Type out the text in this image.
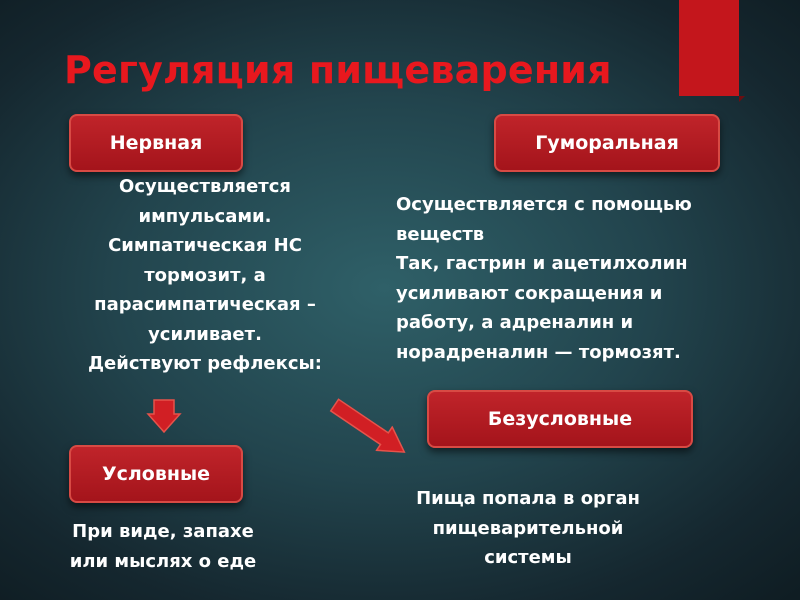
Регуляция пищеварения
Нервная	Гуморальная
Осуществляется
импульсами.
Симпатическая НС
тормозит, а
парасимпатическая –
усиливает.
Действуют рефлексы:
Осуществляется с помощью
веществ
Так, гастрин и ацетилхолин
усиливают сокращения и
работу, а адреналин и
норадреналин — тормозят.
Условные
Безусловные
При виде, запахе
или мыслях о еде
Пища попала в орган
пищеварительной
системы
